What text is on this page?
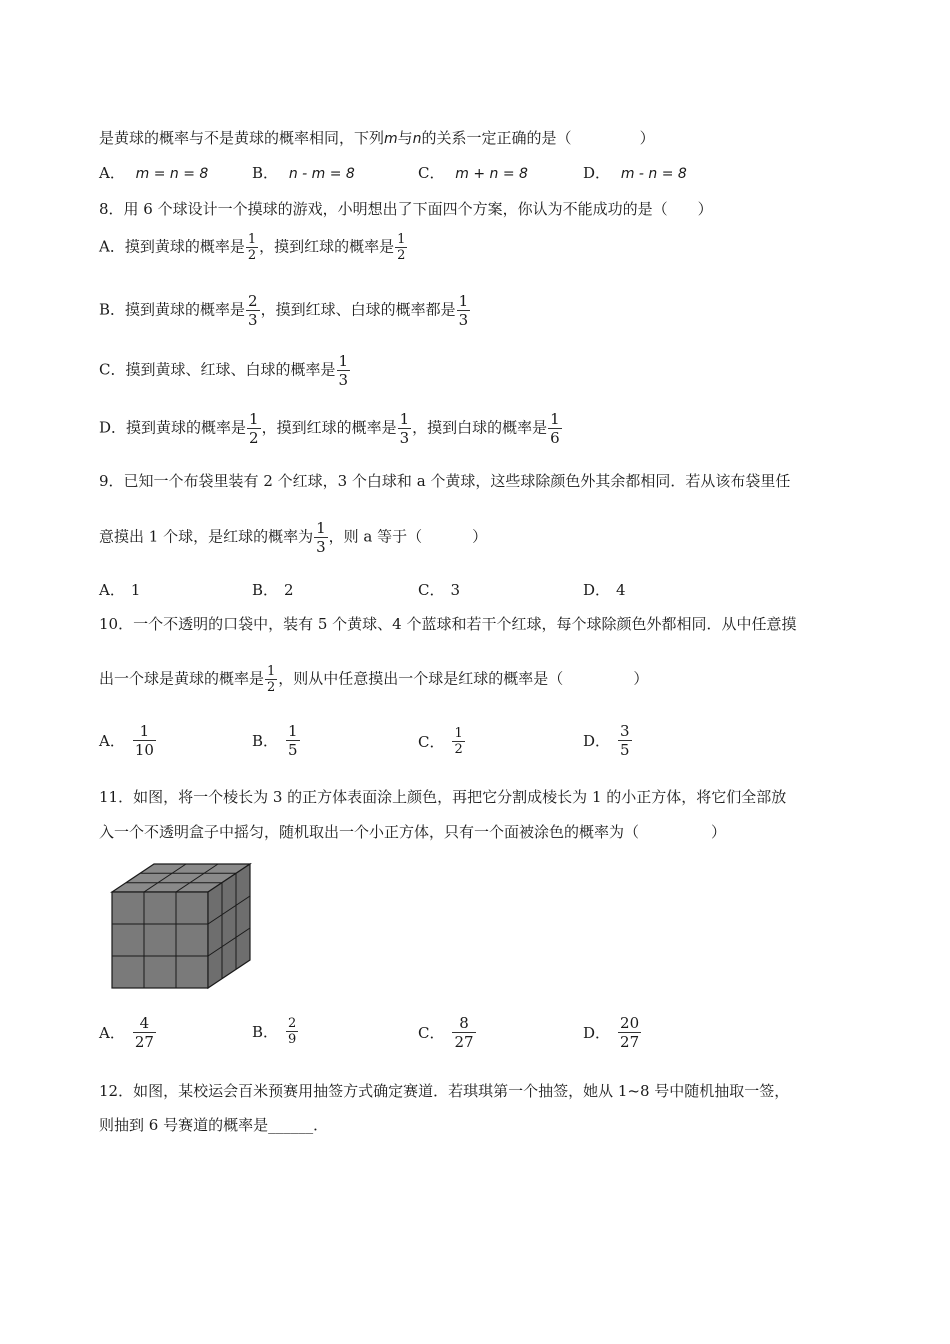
是黄球的概率与不是黄球的概率相同，下列m与n的关系一定正确的是（	）
A． m = n = 8	B． n - m = 8	C． m + n = 8	D． m - n = 8
8．用 6 个球设计一个摸球的游戏，小明想出了下面四个方案，你认为不能成功的是（ ）
A．摸到黄球的概率是 $\frac{1}{2}$ ，摸到红球的概率是 $\frac{1}{2}$
B．摸到黄球的概率是 $\frac{2}{3}$ ，摸到红球、白球的概率都是 $\frac{1}{3}$
C．摸到黄球、红球、白球的概率是 $\frac{1}{3}$
D．摸到黄球的概率是 $\frac{1}{2}$ ，摸到红球的概率是 $\frac{1}{3}$ ，摸到白球的概率是 $\frac{1}{6}$
9．已知一个布袋里装有 2 个红球，3 个白球和 a 个黄球，这些球除颜色外其余都相同．若从该布袋里任
意摸出 1 个球，是红球的概率为 $\frac{1}{3}$ ，则 a 等于（	）
A． 1	B． 2	C． 3	D． 4
10．一个不透明的口袋中，装有 5 个黄球、4 个蓝球和若干个红球，每个球除颜色外都相同．从中任意摸
出一个球是黄球的概率是 $\frac{1}{2}$ ，则从中任意摸出一个球是红球的概率是（	）
A． $\frac{1}{10}$	B． $\frac{1}{5}$	C． $\frac{1}{2}$	D． $\frac{3}{5}$
11．如图，将一个棱长为 3 的正方体表面涂上颜色，再把它分割成棱长为 1 的小正方体，将它们全部放
入一个不透明盒子中摇匀，随机取出一个小正方体，只有一个面被涂色的概率为（	）
A． $\frac{4}{27}$	B． $\frac{2}{9}$	C． $\frac{8}{27}$	D． $\frac{20}{27}$
12．如图，某校运会百米预赛用抽签方式确定赛道．若琪琪第一个抽签，她从 1~8 号中随机抽取一签，
则抽到 6 号赛道的概率是______．
